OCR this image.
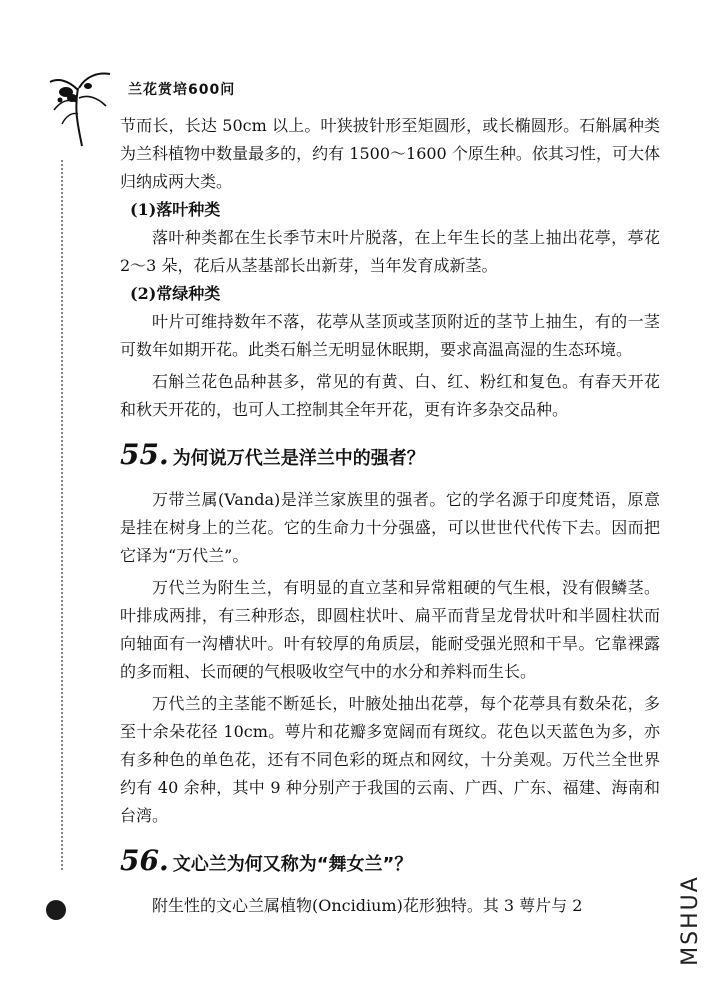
兰花赏培600问

节而长，长达 50cm 以上。叶狭披针形至矩圆形，或长椭圆形。石斛属种类为兰科植物中数量最多的，约有 1500～1600 个原生种。依其习性，可大体归纳成两大类。

(1)落叶种类

落叶种类都在生长季节末叶片脱落，在上年生长的茎上抽出花葶，葶花 2～3 朵，花后从茎基部长出新芽，当年发育成新茎。

(2)常绿种类

叶片可维持数年不落，花葶从茎顶或茎顶附近的茎节上抽生，有的一茎可数年如期开花。此类石斛兰无明显休眠期，要求高温高湿的生态环境。

石斛兰花色品种甚多，常见的有黄、白、红、粉红和复色。有春天开花和秋天开花的，也可人工控制其全年开花，更有许多杂交品种。

55. 为何说万代兰是洋兰中的强者？

万带兰属(Vanda)是洋兰家族里的强者。它的学名源于印度梵语，原意是挂在树身上的兰花。它的生命力十分强盛，可以世世代代传下去。因而把它译为“万代兰”。

万代兰为附生兰，有明显的直立茎和异常粗硬的气生根，没有假鳞茎。叶排成两排，有三种形态，即圆柱状叶、扁平而背呈龙骨状叶和半圆柱状而向轴面有一沟槽状叶。叶有较厚的角质层，能耐受强光照和干旱。它靠裸露的多而粗、长而硬的气根吸收空气中的水分和养料而生长。

万代兰的主茎能不断延长，叶腋处抽出花葶，每个花葶具有数朵花，多至十余朵花径 10cm。萼片和花瓣多宽阔而有斑纹。花色以天蓝色为多，亦有多种色的单色花，还有不同色彩的斑点和网纹，十分美观。万代兰全世界约有 40 余种，其中 9 种分别产于我国的云南、广西、广东、福建、海南和台湾。

56. 文心兰为何又称为“舞女兰”？

附生性的文心兰属植物(Oncidium)花形独特。其 3 萼片与 2	MSHUA
